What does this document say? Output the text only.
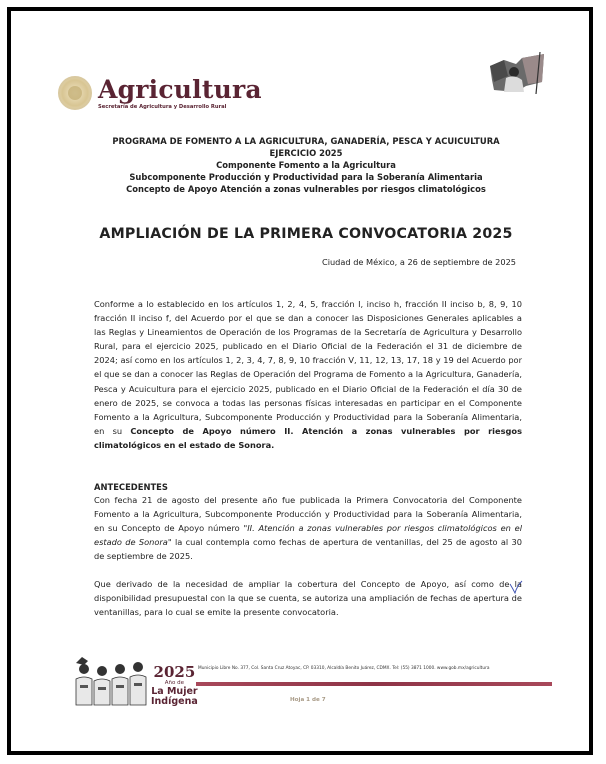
Agricultura
Secretaría de Agricultura y Desarrollo Rural
PROGRAMA DE FOMENTO A LA AGRICULTURA, GANADERÍA, PESCA Y ACUICULTURA
EJERCICIO 2025
Componente Fomento a la Agricultura
Subcomponente Producción y Productividad para la Soberanía Alimentaria
Concepto de Apoyo Atención a zonas vulnerables por riesgos climatológicos
AMPLIACIÓN DE LA PRIMERA CONVOCATORIA 2025
Ciudad de México, a 26 de septiembre de 2025
Conforme a lo establecido en los artículos 1, 2, 4, 5, fracción I, inciso h, fracción II inciso b, 8, 9, 10 fracción II inciso f, del Acuerdo por el que se dan a conocer las Disposiciones Generales aplicables a las Reglas y Lineamientos de Operación de los Programas de la Secretaría de Agricultura y Desarrollo Rural, para el ejercicio 2025, publicado en el Diario Oficial de la Federación el 31 de diciembre de 2024; así como en los artículos 1, 2, 3, 4, 7, 8, 9, 10 fracción V, 11, 12, 13, 17, 18 y 19 del Acuerdo por el que se dan a conocer las Reglas de Operación del Programa de Fomento a la Agricultura, Ganadería, Pesca y Acuicultura para el ejercicio 2025, publicado en el Diario Oficial de la Federación el día 30 de enero de 2025, se convoca a todas las personas físicas interesadas en participar en el Componente Fomento a la Agricultura, Subcomponente Producción y Productividad para la Soberanía Alimentaria, en su Concepto de Apoyo número II. Atención a zonas vulnerables por riesgos climatológicos en el estado de Sonora.
ANTECEDENTES
Con fecha 21 de agosto del presente año fue publicada la Primera Convocatoria del Componente Fomento a la Agricultura, Subcomponente Producción y Productividad para la Soberanía Alimentaria, en su Concepto de Apoyo número "II. Atención a zonas vulnerables por riesgos climatológicos en el estado de Sonora" la cual contempla como fechas de apertura de ventanillas, del 25 de agosto al 30 de septiembre de 2025.
Que derivado de la necesidad de ampliar la cobertura del Concepto de Apoyo, así como de la disponibilidad presupuestal con la que se cuenta, se autoriza una ampliación de fechas de apertura de ventanillas, para lo cual se emite la presente convocatoria.
2025
Año de
La Mujer
Indígena
Municipio Libre No. 377, Col. Santa Cruz Atoyac, CP. 03310, Alcaldía Benito Juárez, CDMX. Tel: (55) 3871 1000. www.gob.mx/agricultura
Hoja 1 de 7
